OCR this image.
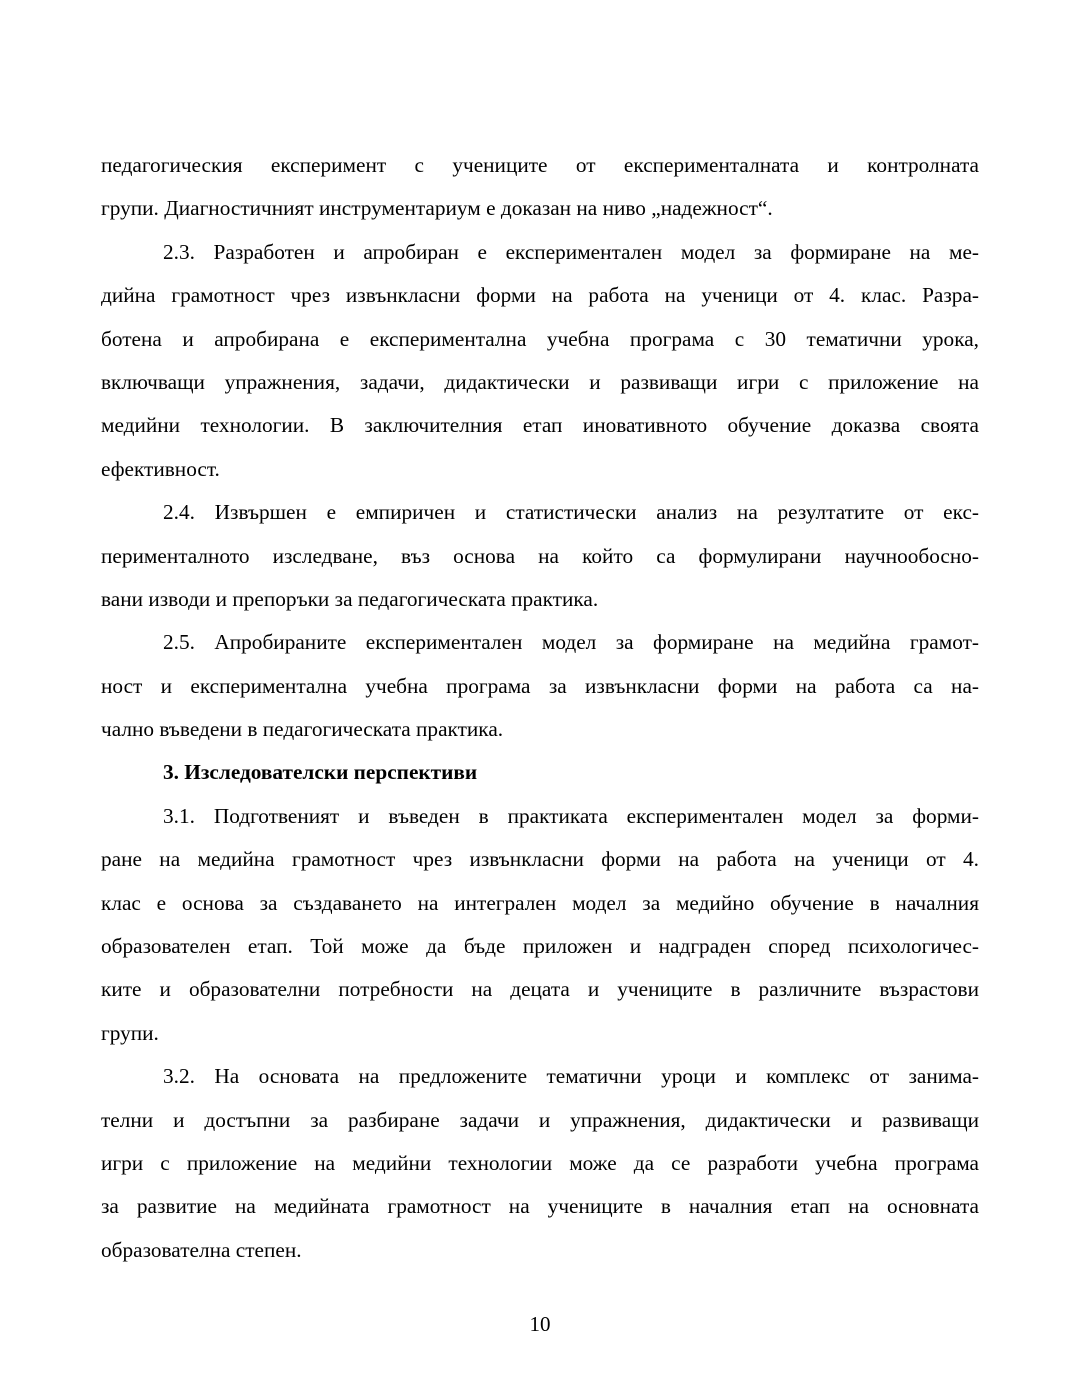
педагогическия експеримент с учениците от експерименталната и контролната
групи. Диагностичният инструментариум е доказан на ниво „надежност“.
2.3. Разработен и апробиран е експериментален модел за формиране на ме-
дийна грамотност чрез извънкласни форми на работа на ученици от 4. клас. Разра-
ботена и апробирана е експериментална учебна програма с 30 тематични урока,
включващи упражнения, задачи, дидактически и развиващи игри с приложение на
медийни технологии. В заключителния етап иновативното обучение доказва своята
ефективност.
2.4. Извършен е емпиричен и статистически анализ на резултатите от екс-
перименталното изследване, въз основа на който са формулирани научнообосно-
вани изводи и препоръки за педагогическата практика.
2.5. Апробираните експериментален модел за формиране на медийна грамот-
ност и експериментална учебна програма за извънкласни форми на работа са на-
чално въведени в педагогическата практика.
3. Изследователски перспективи
3.1. Подготвеният и въведен в практиката експериментален модел за форми-
ране на медийна грамотност чрез извънкласни форми на работа на ученици от 4.
клас е основа за създаването на интегрален модел за медийно обучение в началния
образователен етап. Той може да бъде приложен и надграден според психологичес-
ките и образователни потребности на децата и учениците в различните възрастови
групи.
3.2. На основата на предложените тематични уроци и комплекс от занима-
телни и достъпни за разбиране задачи и упражнения, дидактически и развиващи
игри с приложение на медийни технологии може да се разработи учебна програма
за развитие на медийната грамотност на учениците в началния етап на основната
образователна степен.
10
